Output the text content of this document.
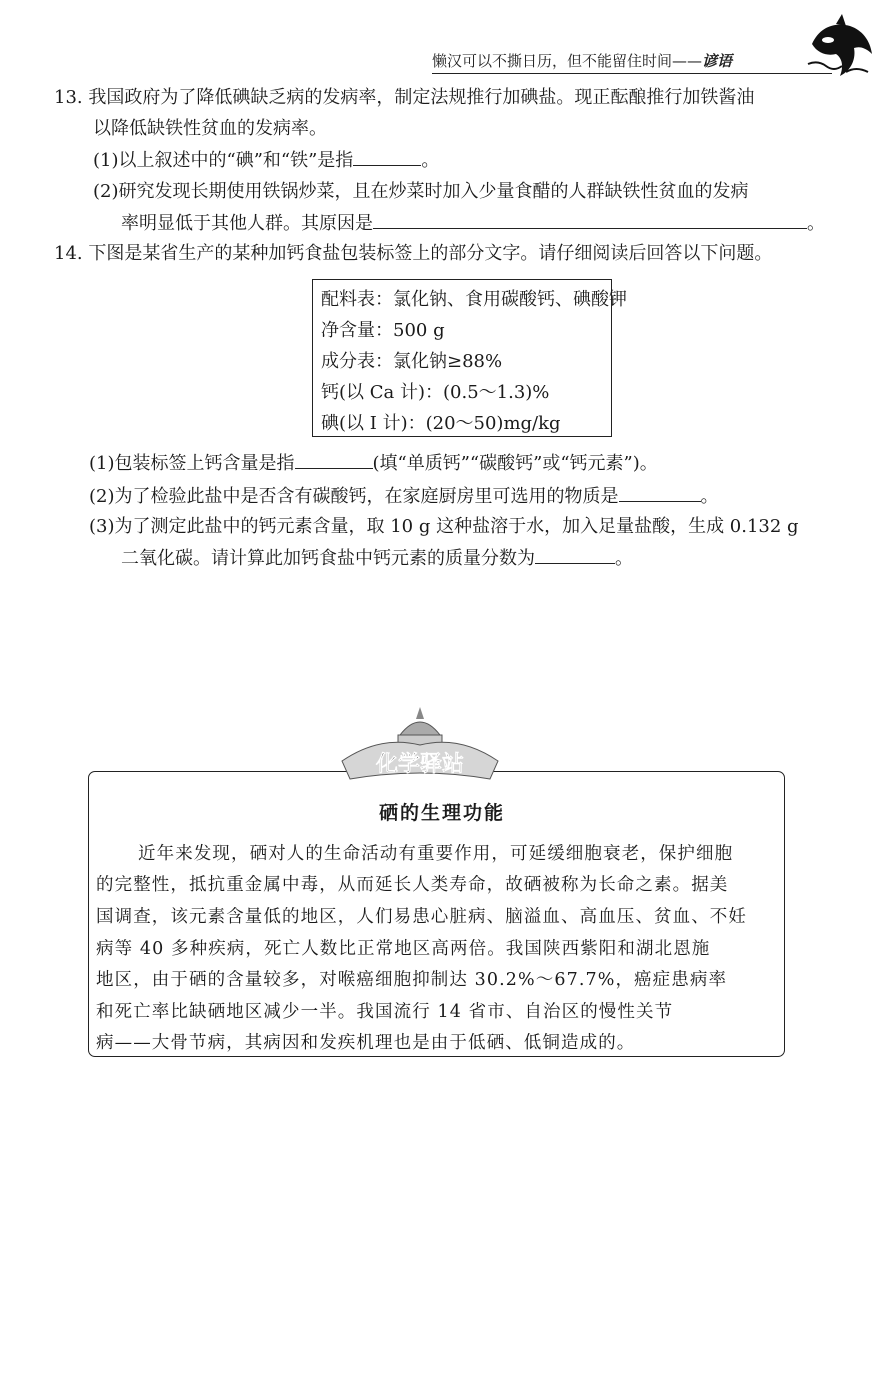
懒汉可以不撕日历，但不能留住时间——谚语
13. 我国政府为了降低碘缺乏病的发病率，制定法规推行加碘盐。现正酝酿推行加铁酱油
以降低缺铁性贫血的发病率。
(1)以上叙述中的“碘”和“铁”是指	。
(2)研究发现长期使用铁锅炒菜，且在炒菜时加入少量食醋的人群缺铁性贫血的发病
率明显低于其他人群。其原因是	。
14. 下图是某省生产的某种加钙食盐包装标签上的部分文字。请仔细阅读后回答以下问题。
配料表：氯化钠、食用碳酸钙、碘酸钾
净含量：500 g
成分表：氯化钠≥88%
钙(以 Ca 计)：(0.5～1.3)%
碘(以 I 计)：(20～50)mg/kg
(1)包装标签上钙含量是指	(填“单质钙”“碳酸钙”或“钙元素”)。
(2)为了检验此盐中是否含有碳酸钙，在家庭厨房里可选用的物质是	。
(3)为了测定此盐中的钙元素含量，取 10 g 这种盐溶于水，加入足量盐酸，生成 0.132 g
二氧化碳。请计算此加钙食盐中钙元素的质量分数为	。
化学驿站
硒的生理功能
近年来发现，硒对人的生命活动有重要作用，可延缓细胞衰老，保护细胞
的完整性，抵抗重金属中毒，从而延长人类寿命，故硒被称为长命之素。据美
国调查，该元素含量低的地区，人们易患心脏病、脑溢血、高血压、贫血、不妊
病等 40 多种疾病，死亡人数比正常地区高两倍。我国陕西紫阳和湖北恩施
地区，由于硒的含量较多，对喉癌细胞抑制达 30.2%～67.7%，癌症患病率
和死亡率比缺硒地区减少一半。我国流行 14 省市、自治区的慢性关节
病——大骨节病，其病因和发疾机理也是由于低硒、低铜造成的。
